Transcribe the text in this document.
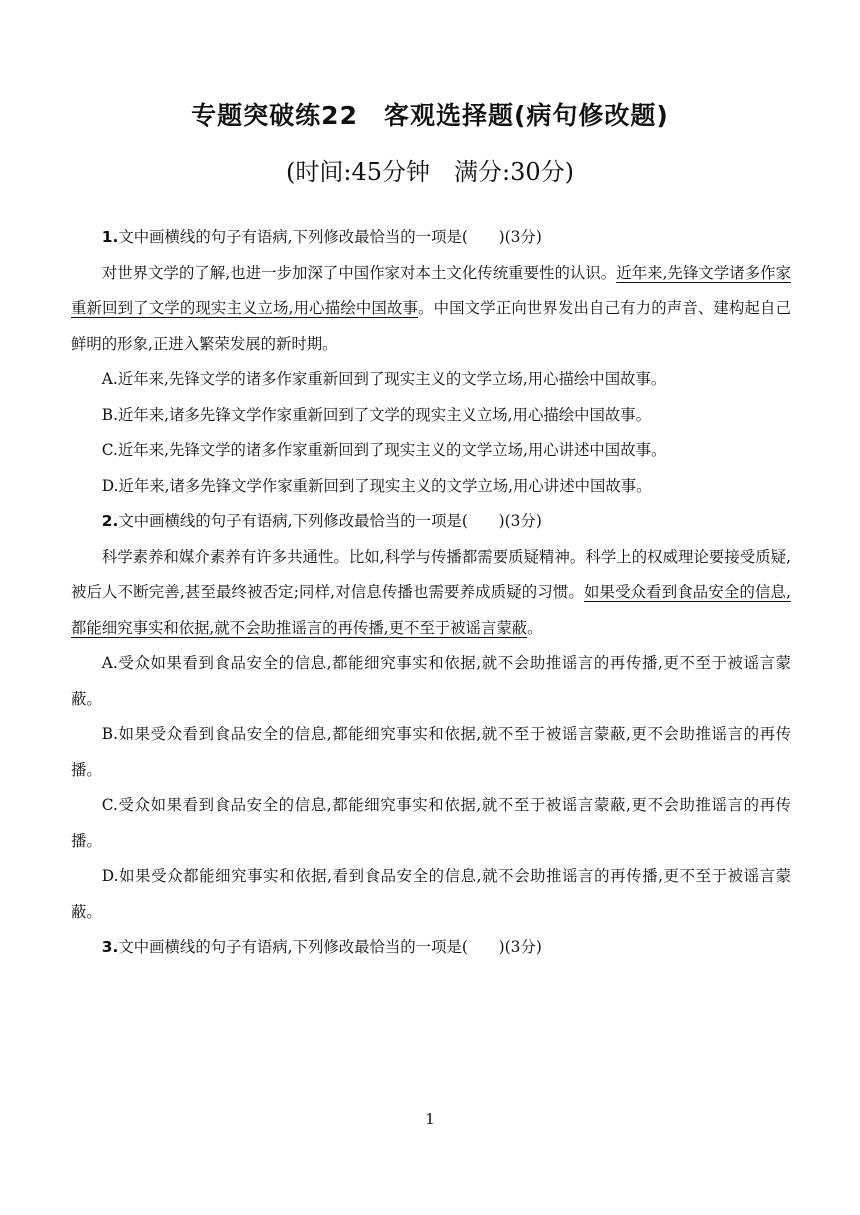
专题突破练22　客观选择题(病句修改题)
(时间:45分钟　满分:30分)

1.文中画横线的句子有语病,下列修改最恰当的一项是(　　)(3分)

对世界文学的了解,也进一步加深了中国作家对本土文化传统重要性的认识。近年来,先锋文学诸多作家重新回到了文学的现实主义立场,用心描绘中国故事。中国文学正向世界发出自己有力的声音、建构起自己鲜明的形象,正进入繁荣发展的新时期。

A.近年来,先锋文学的诸多作家重新回到了现实主义的文学立场,用心描绘中国故事。

B.近年来,诸多先锋文学作家重新回到了文学的现实主义立场,用心描绘中国故事。

C.近年来,先锋文学的诸多作家重新回到了现实主义的文学立场,用心讲述中国故事。

D.近年来,诸多先锋文学作家重新回到了现实主义的文学立场,用心讲述中国故事。

2.文中画横线的句子有语病,下列修改最恰当的一项是(　　)(3分)

科学素养和媒介素养有许多共通性。比如,科学与传播都需要质疑精神。科学上的权威理论要接受质疑,被后人不断完善,甚至最终被否定;同样,对信息传播也需要养成质疑的习惯。如果受众看到食品安全的信息,都能细究事实和依据,就不会助推谣言的再传播,更不至于被谣言蒙蔽。

A.受众如果看到食品安全的信息,都能细究事实和依据,就不会助推谣言的再传播,更不至于被谣言蒙蔽。

B.如果受众看到食品安全的信息,都能细究事实和依据,就不至于被谣言蒙蔽,更不会助推谣言的再传播。

C.受众如果看到食品安全的信息,都能细究事实和依据,就不至于被谣言蒙蔽,更不会助推谣言的再传播。

D.如果受众都能细究事实和依据,看到食品安全的信息,就不会助推谣言的再传播,更不至于被谣言蒙蔽。

3.文中画横线的句子有语病,下列修改最恰当的一项是(　　)(3分)

1
